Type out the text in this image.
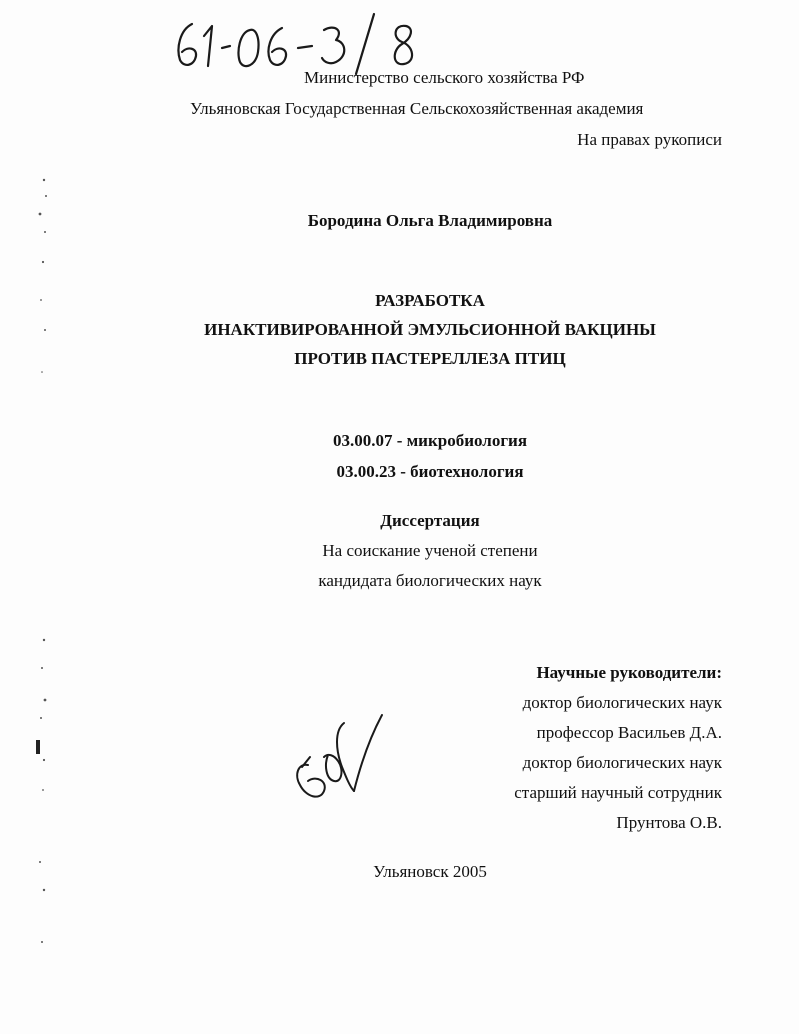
Министерство сельского хозяйства РФ
Ульяновская Государственная Сельскохозяйственная академия
На правах рукописи
Бородина Ольга Владимировна
РАЗРАБОТКА
ИНАКТИВИРОВАННОЙ ЭМУЛЬСИОННОЙ ВАКЦИНЫ
ПРОТИВ ПАСТЕРЕЛЛЕЗА ПТИЦ
03.00.07 - микробиология
03.00.23 - биотехнология
Диссертация
На соискание ученой степени
кандидата биологических наук
Научные руководители:
доктор биологических наук
профессор Васильев Д.А.
доктор биологических наук
старший научный сотрудник
Прунтова О.В.
Ульяновск 2005
